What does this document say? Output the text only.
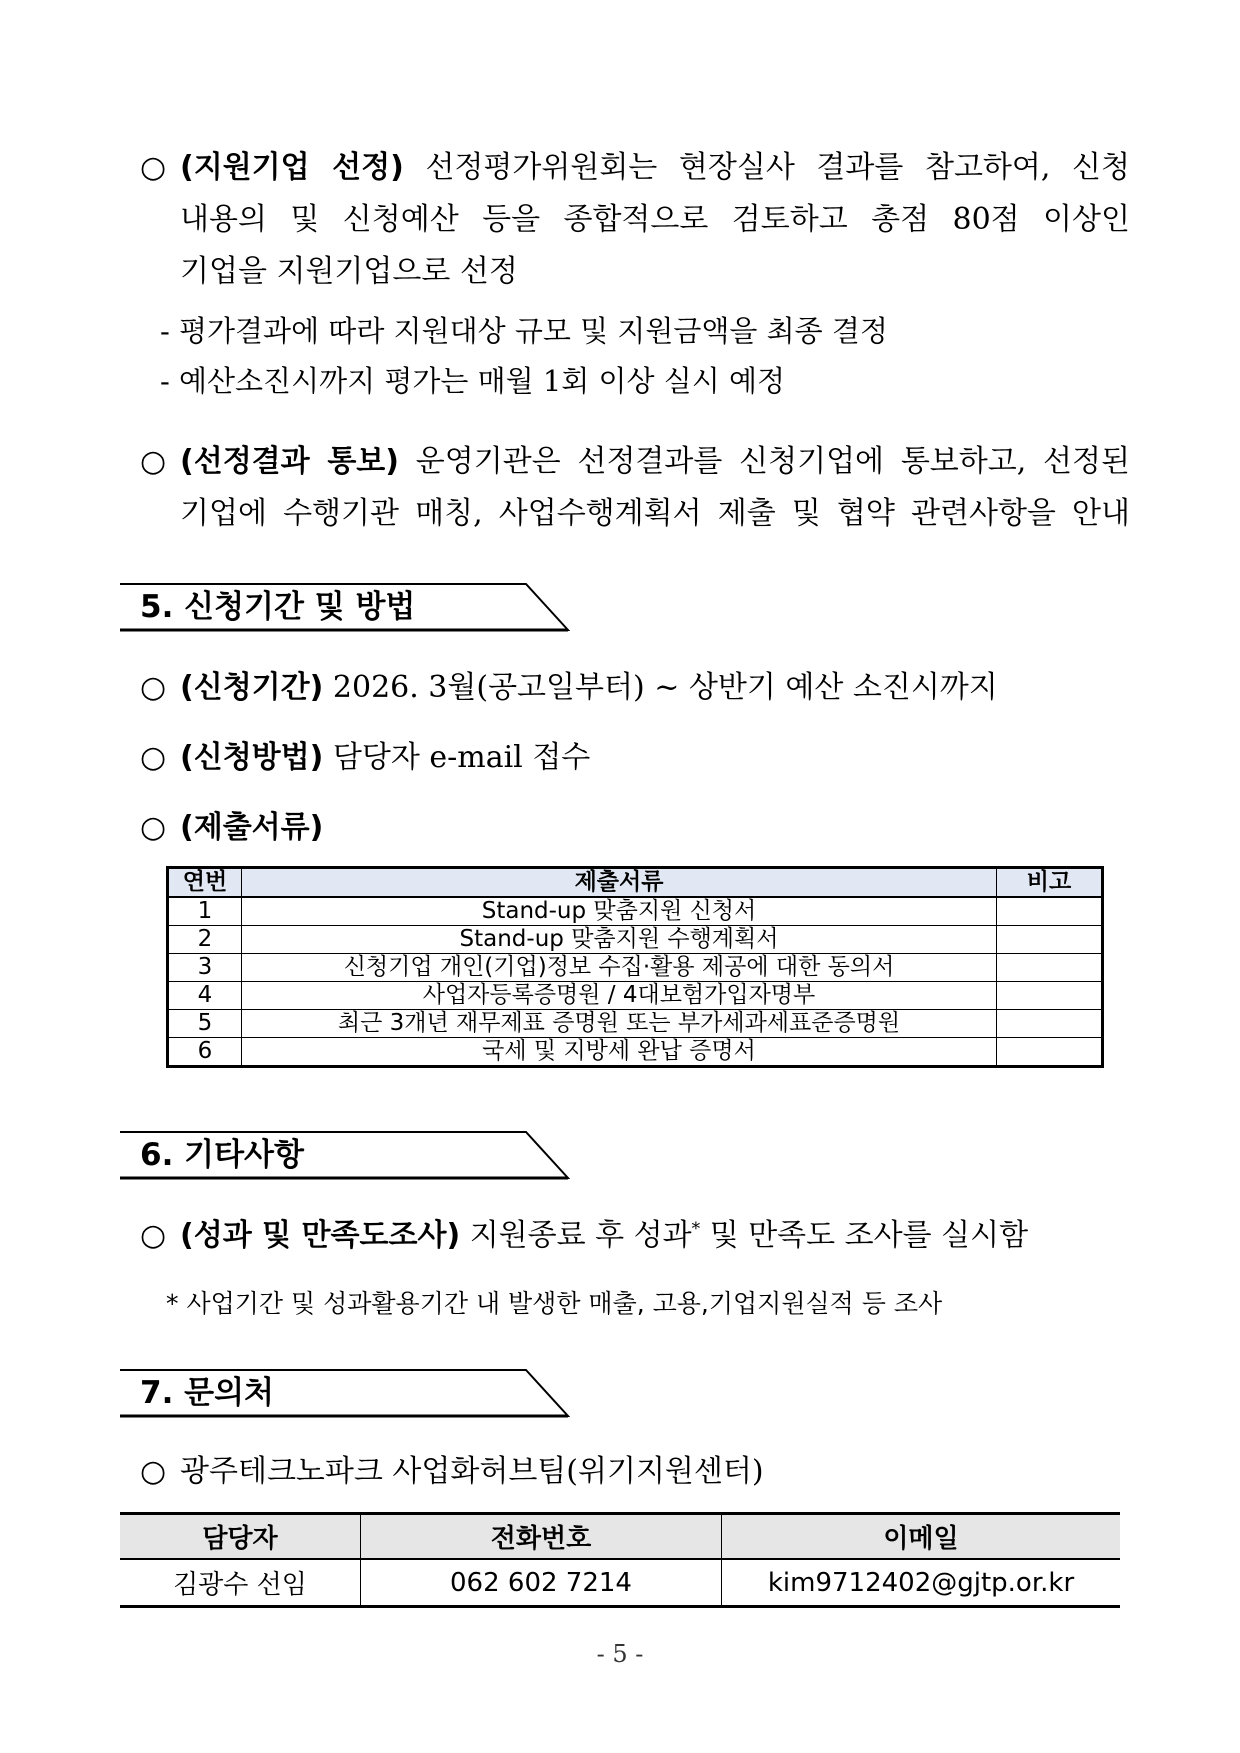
○ (지원기업 선정) 선정평가위원회는 현장실사 결과를 참고하여, 신청
내용의 및 신청예산 등을 종합적으로 검토하고 총점 80점 이상인
기업을 지원기업으로 선정
- 평가결과에 따라 지원대상 규모 및 지원금액을 최종 결정
- 예산소진시까지 평가는 매월 1회 이상 실시 예정
○ (선정결과 통보) 운영기관은 선정결과를 신청기업에 통보하고, 선정된
기업에 수행기관 매칭, 사업수행계획서 제출 및 협약 관련사항을 안내
5. 신청기간 및 방법
○ (신청기간) 2026. 3월(공고일부터) ~ 상반기 예산 소진시까지
○ (신청방법) 담당자 e-mail 접수
○ (제출서류)
연번	제출서류	비고
1	Stand-up 맞춤지원 신청서	
2	Stand-up 맞춤지원 수행계획서	
3	신청기업 개인(기업)정보 수집·활용 제공에 대한 동의서	
4	사업자등록증명원 / 4대보험가입자명부	
5	최근 3개년 재무제표 증명원 또는 부가세과세표준증명원	
6	국세 및 지방세 완납 증명서	
6. 기타사항
○ (성과 및 만족도조사) 지원종료 후 성과* 및 만족도 조사를 실시함
* 사업기간 및 성과활용기간 내 발생한 매출, 고용,기업지원실적 등 조사
7. 문의처
○ 광주테크노파크 사업화허브팀(위기지원센터)
담당자	전화번호	이메일
김광수 선임	062 602 7214	kim9712402@gjtp.or.kr
- 5 -
